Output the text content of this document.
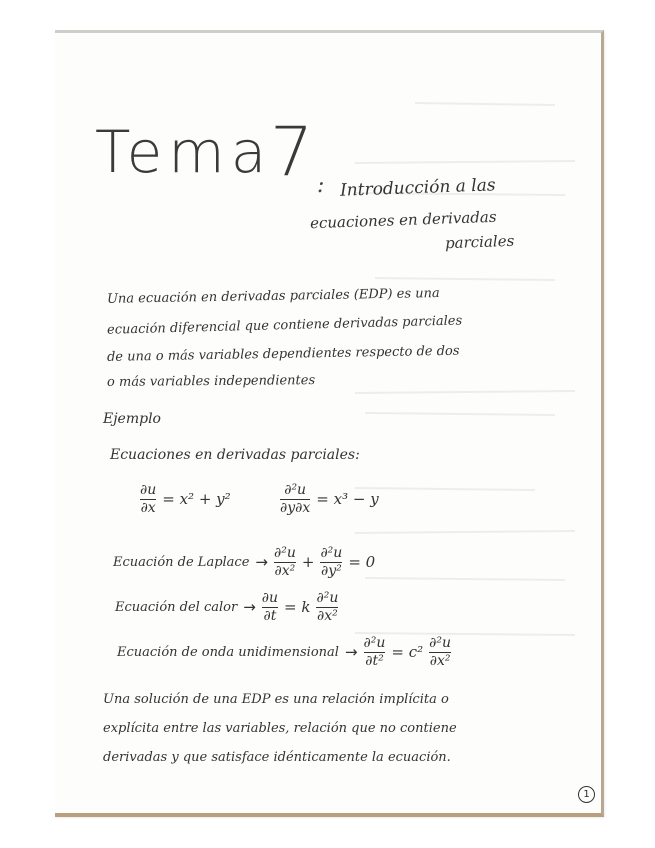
Tema
7 : Introducción a las
ecuaciones en derivadas
parciales
Una ecuación en derivadas parciales (EDP) es una
ecuación diferencial que contiene derivadas parciales
de una o más variables dependientes respecto de dos
o más variables independientes
Ejemplo
Ecuaciones en derivadas parciales:
$\frac{\partial u}{\partial x} = x^2 + y^2$	$\frac{\text{∂²u}}{\partial y\partial x} = x^3 - y$
Ecuación de Laplace → $\frac{\text{∂²u}}{\text{∂x²}} + \frac{\text{∂²u}}{\text{∂y²}} = 0$
Ecuación del calor → $\frac{\partial u}{\partial t} = k \frac{\text{∂²u}}{\text{∂x²}}$
Ecuación de onda unidimensional → $\frac{\text{∂²u}}{\text{∂t²}} = c^2 \frac{\text{∂²u}}{\text{∂x²}}$
Una solución de una EDP es una relación implícita o
explícita entre las variables, relación que no contiene
derivadas y que satisface idénticamente la ecuación.
1
